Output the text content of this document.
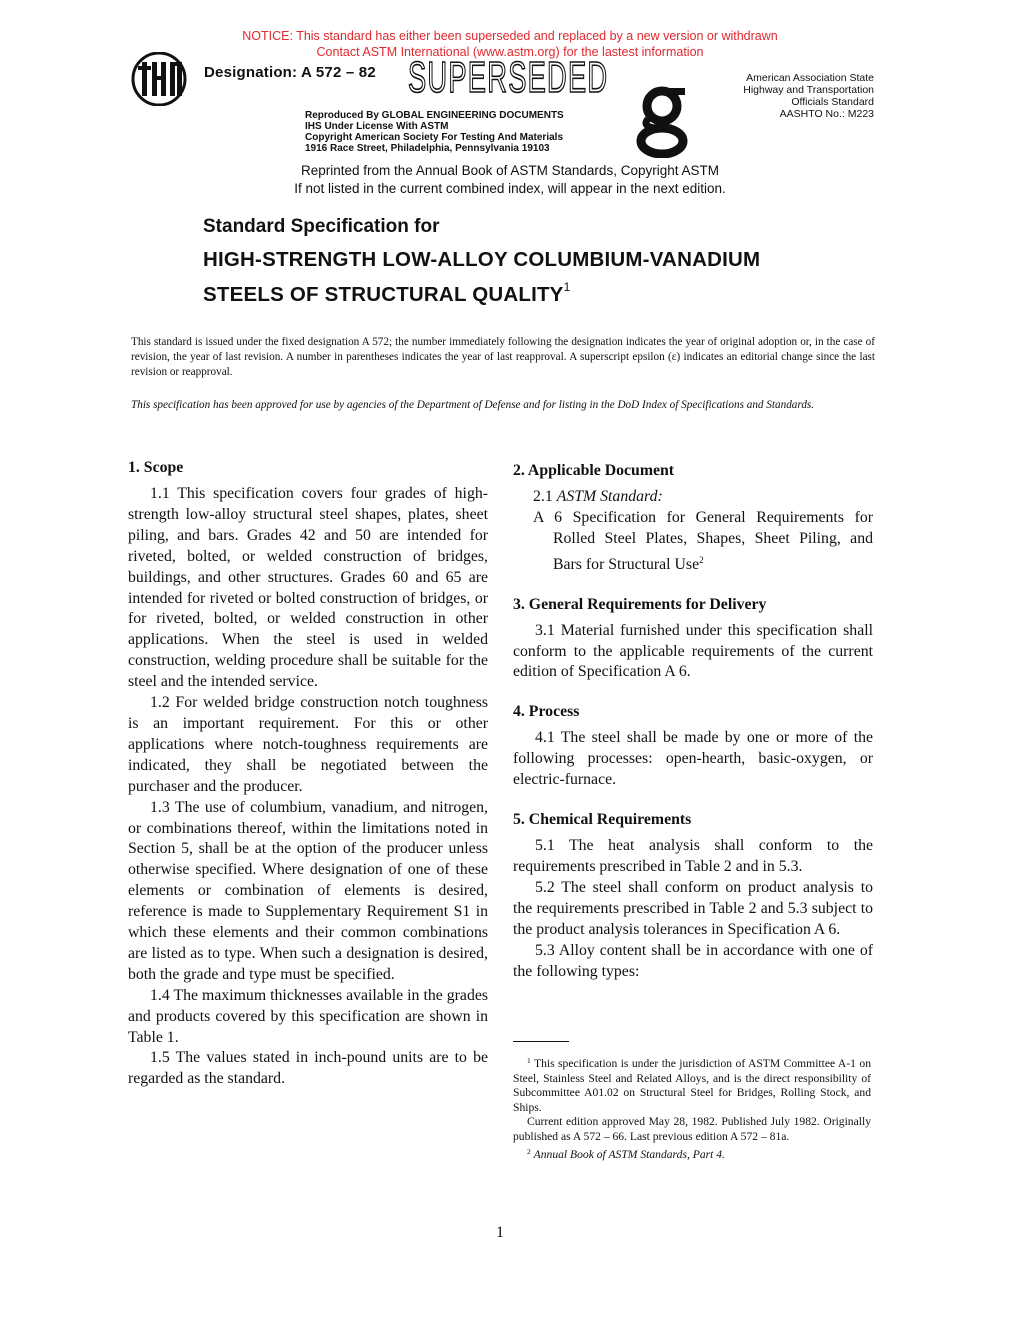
NOTICE: This standard has either been superseded and replaced by a new version or withdrawn
Contact ASTM International (www.astm.org) for the lastest information
Designation: A 572 – 82 SUPERSEDED	American Association State
Highway and Transportation
Officials Standard
AASHTO No.: M223
Reproduced By GLOBAL ENGINEERING DOCUMENTS
IHS Under License With ASTM
Copyright American Society For Testing And Materials
1916 Race Street, Philadelphia, Pennsylvania 19103
Reprinted from the Annual Book of ASTM Standards, Copyright ASTM
If not listed in the current combined index, will appear in the next edition.
Standard Specification for
HIGH-STRENGTH LOW-ALLOY COLUMBIUM-VANADIUM
STEELS OF STRUCTURAL QUALITY$^1$
This standard is issued under the fixed designation A 572; the number immediately following the designation indicates the year of original adoption or, in the case of revision, the year of last revision. A number in parentheses indicates the year of last reapproval. A superscript epsilon (ε) indicates an editorial change since the last revision or reapproval.
This specification has been approved for use by agencies of the Department of Defense and for listing in the DoD Index of Specifications and Standards.
1. Scope

1.1 This specification covers four grades of high-strength low-alloy structural steel shapes, plates, sheet piling, and bars. Grades 42 and 50 are intended for riveted, bolted, or welded construction of bridges, buildings, and other structures. Grades 60 and 65 are intended for riveted or bolted construction of bridges, or for riveted, bolted, or welded construction in other applications. When the steel is used in welded construction, welding procedure shall be suitable for the steel and the intended service.

1.2 For welded bridge construction notch toughness is an important requirement. For this or other applications where notch-toughness requirements are indicated, they shall be negotiated between the purchaser and the producer.

1.3 The use of columbium, vanadium, and nitrogen, or combinations thereof, within the limitations noted in Section 5, shall be at the option of the producer unless otherwise specified. Where designation of one of these elements or combination of elements is desired, reference is made to Supplementary Requirement S1 in which these elements and their common combinations are listed as to type. When such a designation is desired, both the grade and type must be specified.

1.4 The maximum thicknesses available in the grades and products covered by this specification are shown in Table 1.

1.5 The values stated in inch-pound units are to be regarded as the standard.

2. Applicable Document

2.1 ASTM Standard:

A 6 Specification for General Requirements for Rolled Steel Plates, Shapes, Sheet Piling, and Bars for Structural Use$^2$

3. General Requirements for Delivery

3.1 Material furnished under this specification shall conform to the applicable requirements of the current edition of Specification A 6.

4. Process

4.1 The steel shall be made by one or more of the following processes: open-hearth, basic-oxygen, or electric-furnace.

5. Chemical Requirements

5.1 The heat analysis shall conform to the requirements prescribed in Table 2 and in 5.3.

5.2 The steel shall conform on product analysis to the requirements prescribed in Table 2 and 5.3 subject to the product analysis tolerances in Specification A 6.

5.3 Alloy content shall be in accordance with one of the following types:

$^1$ This specification is under the jurisdiction of ASTM Committee A-1 on Steel, Stainless Steel and Related Alloys, and is the direct responsibility of Subcommittee A01.02 on Structural Steel for Bridges, Rolling Stock, and Ships.

Current edition approved May 28, 1982. Published July 1982. Originally published as A 572 – 66. Last previous edition A 572 – 81a.

$^2$ Annual Book of ASTM Standards, Part 4.

1
